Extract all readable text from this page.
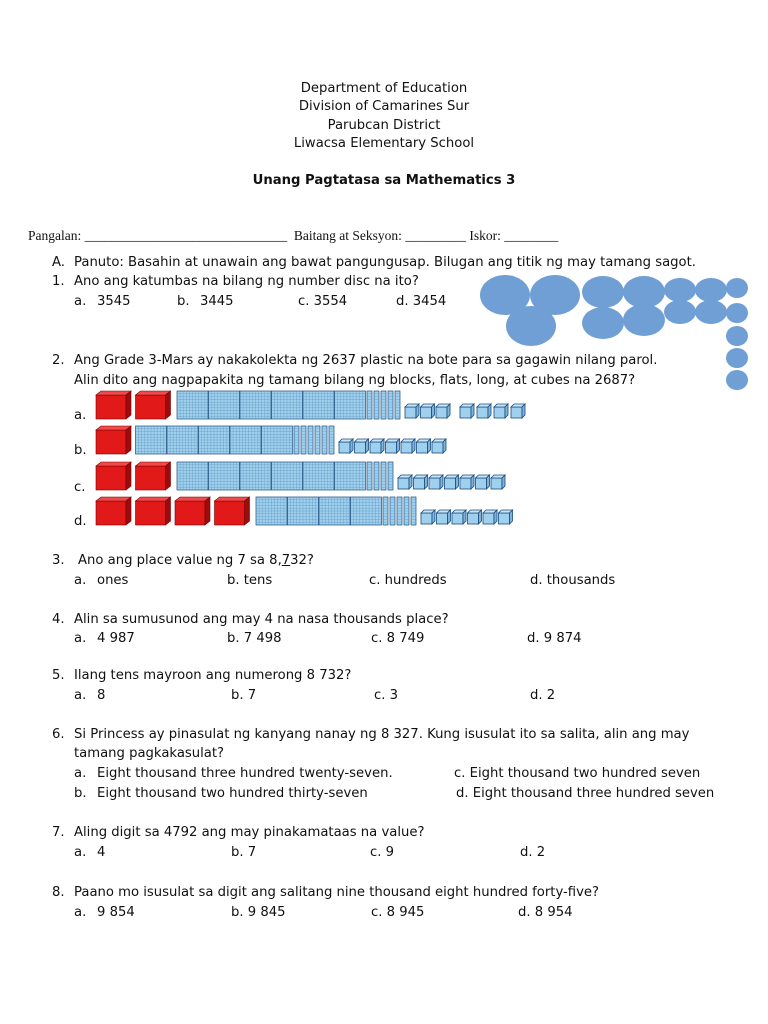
Department of Education
Division of Camarines Sur
Parubcan District
Liwacsa Elementary School
Unang Pagtatasa sa Mathematics 3
Pangalan: ______________________________ Baitang at Seksyon: _________ Iskor: ________
A. Panuto: Basahin at unawain ang bawat pangungusap. Bilugan ang titik ng may tamang sagot.
1. Ano ang katumbas na bilang ng number disc na ito?
a. 3545	b. 3445	c. 3554	d. 3454
2. Ang Grade 3-Mars ay nakakolekta ng 2637 plastic na bote para sa gagawin nilang parol.
Alin dito ang nagpapakita ng tamang bilang ng blocks, flats, long, at cubes na 2687?
a.
b.
c.
d.
3. Ano ang place value ng 7 sa 8,732?
a. ones	b. tens	c. hundreds	d. thousands
4. Alin sa sumusunod ang may 4 na nasa thousands place?
a. 4 987	b. 7 498	c. 8 749	d. 9 874
5. Ilang tens mayroon ang numerong 8 732?
a. 8	b. 7	c. 3	d. 2
6. Si Princess ay pinasulat ng kanyang nanay ng 8 327. Kung isusulat ito sa salita, alin ang may
tamang pagkakasulat?
a. Eight thousand three hundred twenty-seven.	c. Eight thousand two hundred seven
b. Eight thousand two hundred thirty-seven	d. Eight thousand three hundred seven
7. Aling digit sa 4792 ang may pinakamataas na value?
a. 4	b. 7	c. 9	d. 2
8. Paano mo isusulat sa digit ang salitang nine thousand eight hundred forty-five?
a. 9 854	b. 9 845	c. 8 945	d. 8 954
